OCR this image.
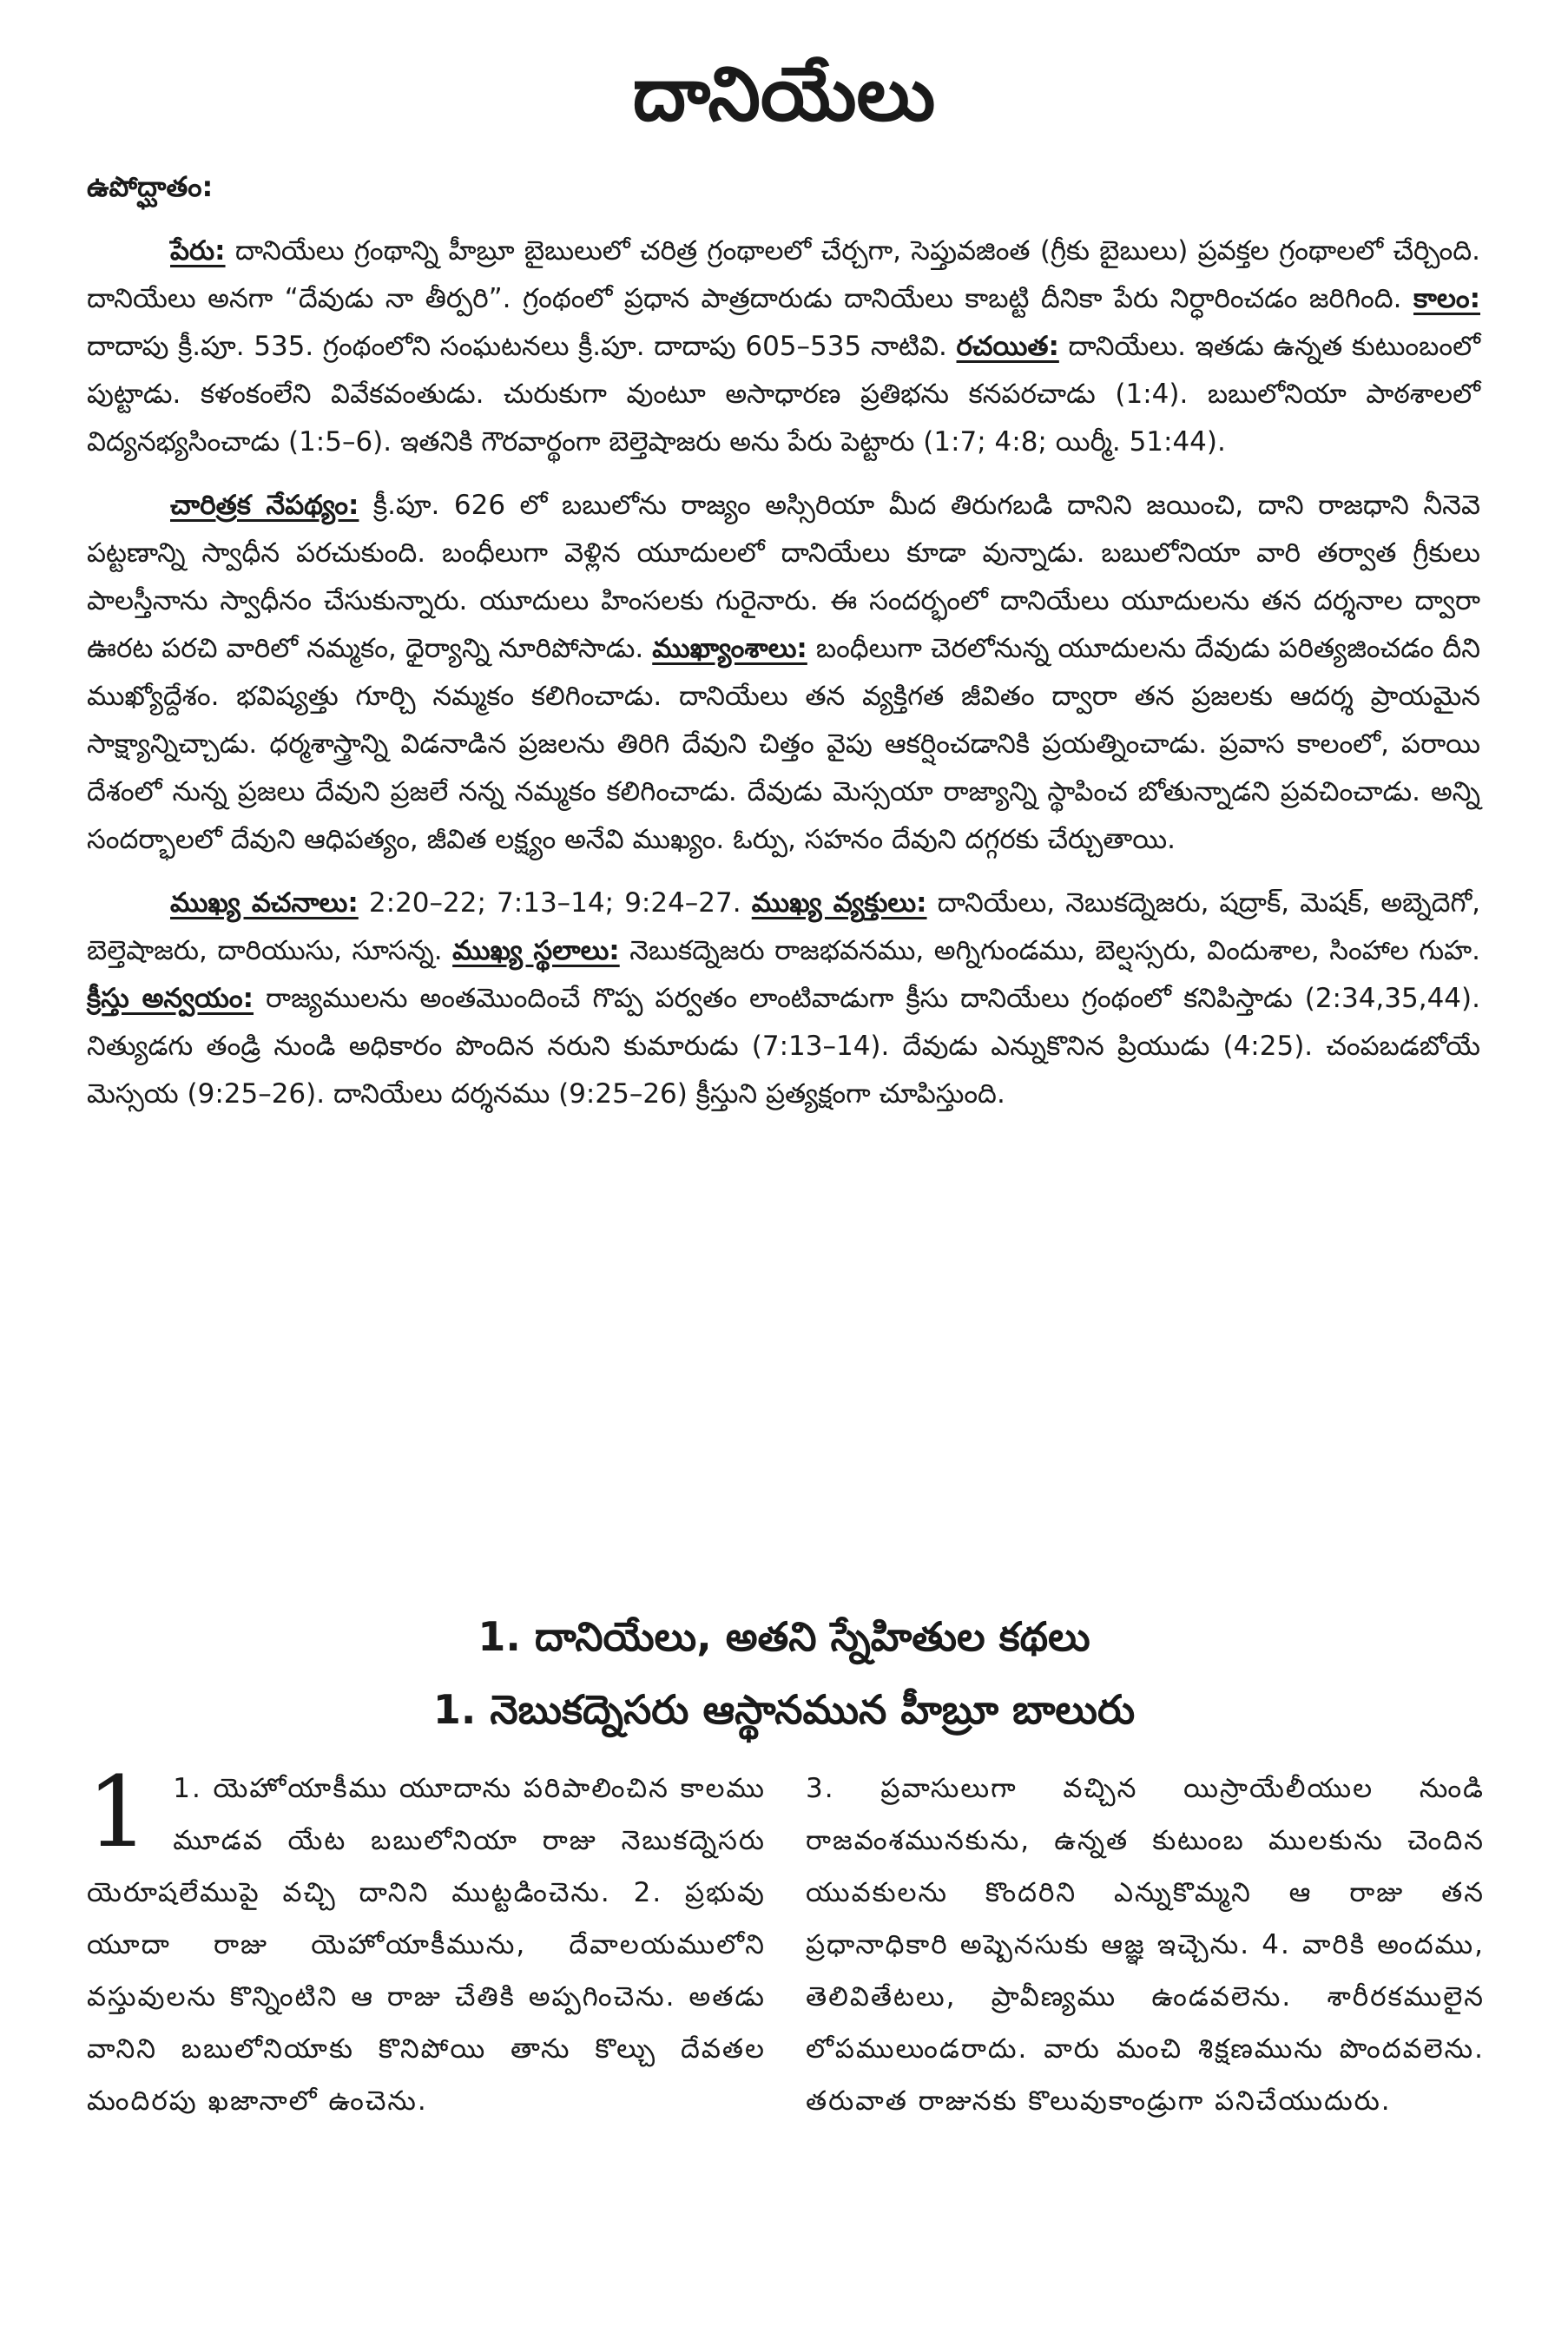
దానియేలు
ఉపోద్ఘాతం:

పేరు: దానియేలు గ్రంథాన్ని హీబ్రూ బైబులులో చరిత్ర గ్రంథాలలో చేర్చగా, సెప్తువజింత (గ్రీకు బైబులు) ప్రవక్తల గ్రంథాలలో చేర్చింది. దానియేలు అనగా “దేవుడు నా తీర్పరి”. గ్రంథంలో ప్రధాన పాత్రదారుడు దానియేలు కాబట్టి దీనికా పేరు నిర్ధారించడం జరిగింది. కాలం: దాదాపు క్రీ.పూ. 535. గ్రంథంలోని సంఘటనలు క్రీ.పూ. దాదాపు 605–535 నాటివి. రచయిత: దానియేలు. ఇతడు ఉన్నత కుటుంబంలో పుట్టాడు. కళంకంలేని వివేకవంతుడు. చురుకుగా వుంటూ అసాధారణ ప్రతిభను కనపరచాడు (1:4). బబులోనియా పాఠశాలలో విద్యనభ్యసించాడు (1:5–6). ఇతనికి గౌరవార్థంగా బెల్తెషాజరు అను పేరు పెట్టారు (1:7; 4:8; యిర్మీ. 51:44).

చారిత్రక నేపథ్యం: క్రీ.పూ. 626 లో బబులోను రాజ్యం అస్సిరియా మీద తిరుగబడి దానిని జయించి, దాని రాజధాని నీనెవె పట్టణాన్ని స్వాధీన పరచుకుంది. బంధీలుగా వెళ్లిన యూదులలో దానియేలు కూడా వున్నాడు. బబులోనియా వారి తర్వాత గ్రీకులు పాలస్తీనాను స్వాధీనం చేసుకున్నారు. యూదులు హింసలకు గురైనారు. ఈ సందర్భంలో దానియేలు యూదులను తన దర్శనాల ద్వారా ఊరట పరచి వారిలో నమ్మకం, ధైర్యాన్ని నూరిపోసాడు. ముఖ్యాంశాలు: బంధీలుగా చెరలోనున్న యూదులను దేవుడు పరిత్యజించడం దీని ముఖ్యోద్దేశం. భవిష్యత్తు గూర్చి నమ్మకం కలిగించాడు. దానియేలు తన వ్యక్తిగత జీవితం ద్వారా తన ప్రజలకు ఆదర్శ ప్రాయమైన సాక్ష్యాన్నిచ్చాడు. ధర్మశాస్త్రాన్ని విడనాడిన ప్రజలను తిరిగి దేవుని చిత్తం వైపు ఆకర్షించడానికి ప్రయత్నించాడు. ప్రవాస కాలంలో, పరాయి దేశంలో నున్న ప్రజలు దేవుని ప్రజలే నన్న నమ్మకం కలిగించాడు. దేవుడు మెస్సయా రాజ్యాన్ని స్థాపించ బోతున్నాడని ప్రవచించాడు. అన్ని సందర్భాలలో దేవుని ఆధిపత్యం, జీవిత లక్ష్యం అనేవి ముఖ్యం. ఓర్పు, సహనం దేవుని దగ్గరకు చేర్చుతాయి.

ముఖ్య వచనాలు: 2:20–22; 7:13–14; 9:24–27. ముఖ్య వ్యక్తులు: దానియేలు, నెబుకద్నెజరు, షద్రాక్, మెషక్, అబ్నెదెగో, బెల్తెషాజరు, దారియుసు, సూసన్న. ముఖ్య స్థలాలు: నెబుకద్నెజరు రాజభవనము, అగ్నిగుండము, బెల్షస్సరు, విందుశాల, సింహాల గుహ. క్రీస్తు అన్వయం: రాజ్యములను అంతమొందించే గొప్ప పర్వతం లాంటివాడుగా క్రీసు దానియేలు గ్రంథంలో కనిపిస్తాడు (2:34,35,44). నిత్యుడగు తండ్రి నుండి అధికారం పొందిన నరుని కుమారుడు (7:13–14). దేవుడు ఎన్నుకొనిన ప్రియుడు (4:25). చంపబడబోయే మెస్సయ (9:25–26). దానియేలు దర్శనము (9:25–26) క్రీస్తుని ప్రత్యక్షంగా చూపిస్తుంది.

1. దానియేలు, అతని స్నేహితుల కథలు
1. నెబుకద్నెసరు ఆస్థానమున హీబ్రూ బాలురు
1 1. యెహోయాకీము యూదాను పరిపాలించిన కాలము మూడవ యేట బబులోనియా రాజు నెబుకద్నెసరు యెరూషలేముపై వచ్చి దానిని ముట్టడించెను. 2. ప్రభువు యూదా రాజు యెహోయాకీమును, దేవాలయములోని వస్తువులను కొన్నింటిని ఆ రాజు చేతికి అప్పగించెను. అతడు వానిని బబులోనియాకు కొనిపోయి తాను కొల్చు దేవతల మందిరపు ఖజానాలో ఉంచెను.
3. ప్రవాసులుగా వచ్చిన యిస్రాయేలీయుల నుండి రాజవంశమునకును, ఉన్నత కుటుంబ ములకును చెందిన యువకులను కొందరిని ఎన్నుకొమ్మని ఆ రాజు తన ప్రధానాధికారి అష్పెనసుకు ఆజ్ఞ ఇచ్చెను. 4. వారికి అందము, తెలివితేటలు, ప్రావీణ్యము ఉండవలెను. శారీరకములైన లోపములుండరాదు. వారు మంచి శిక్షణమును పొందవలెను. తరువాత రాజునకు కొలువుకాండ్రుగా పనిచేయుదురు.
